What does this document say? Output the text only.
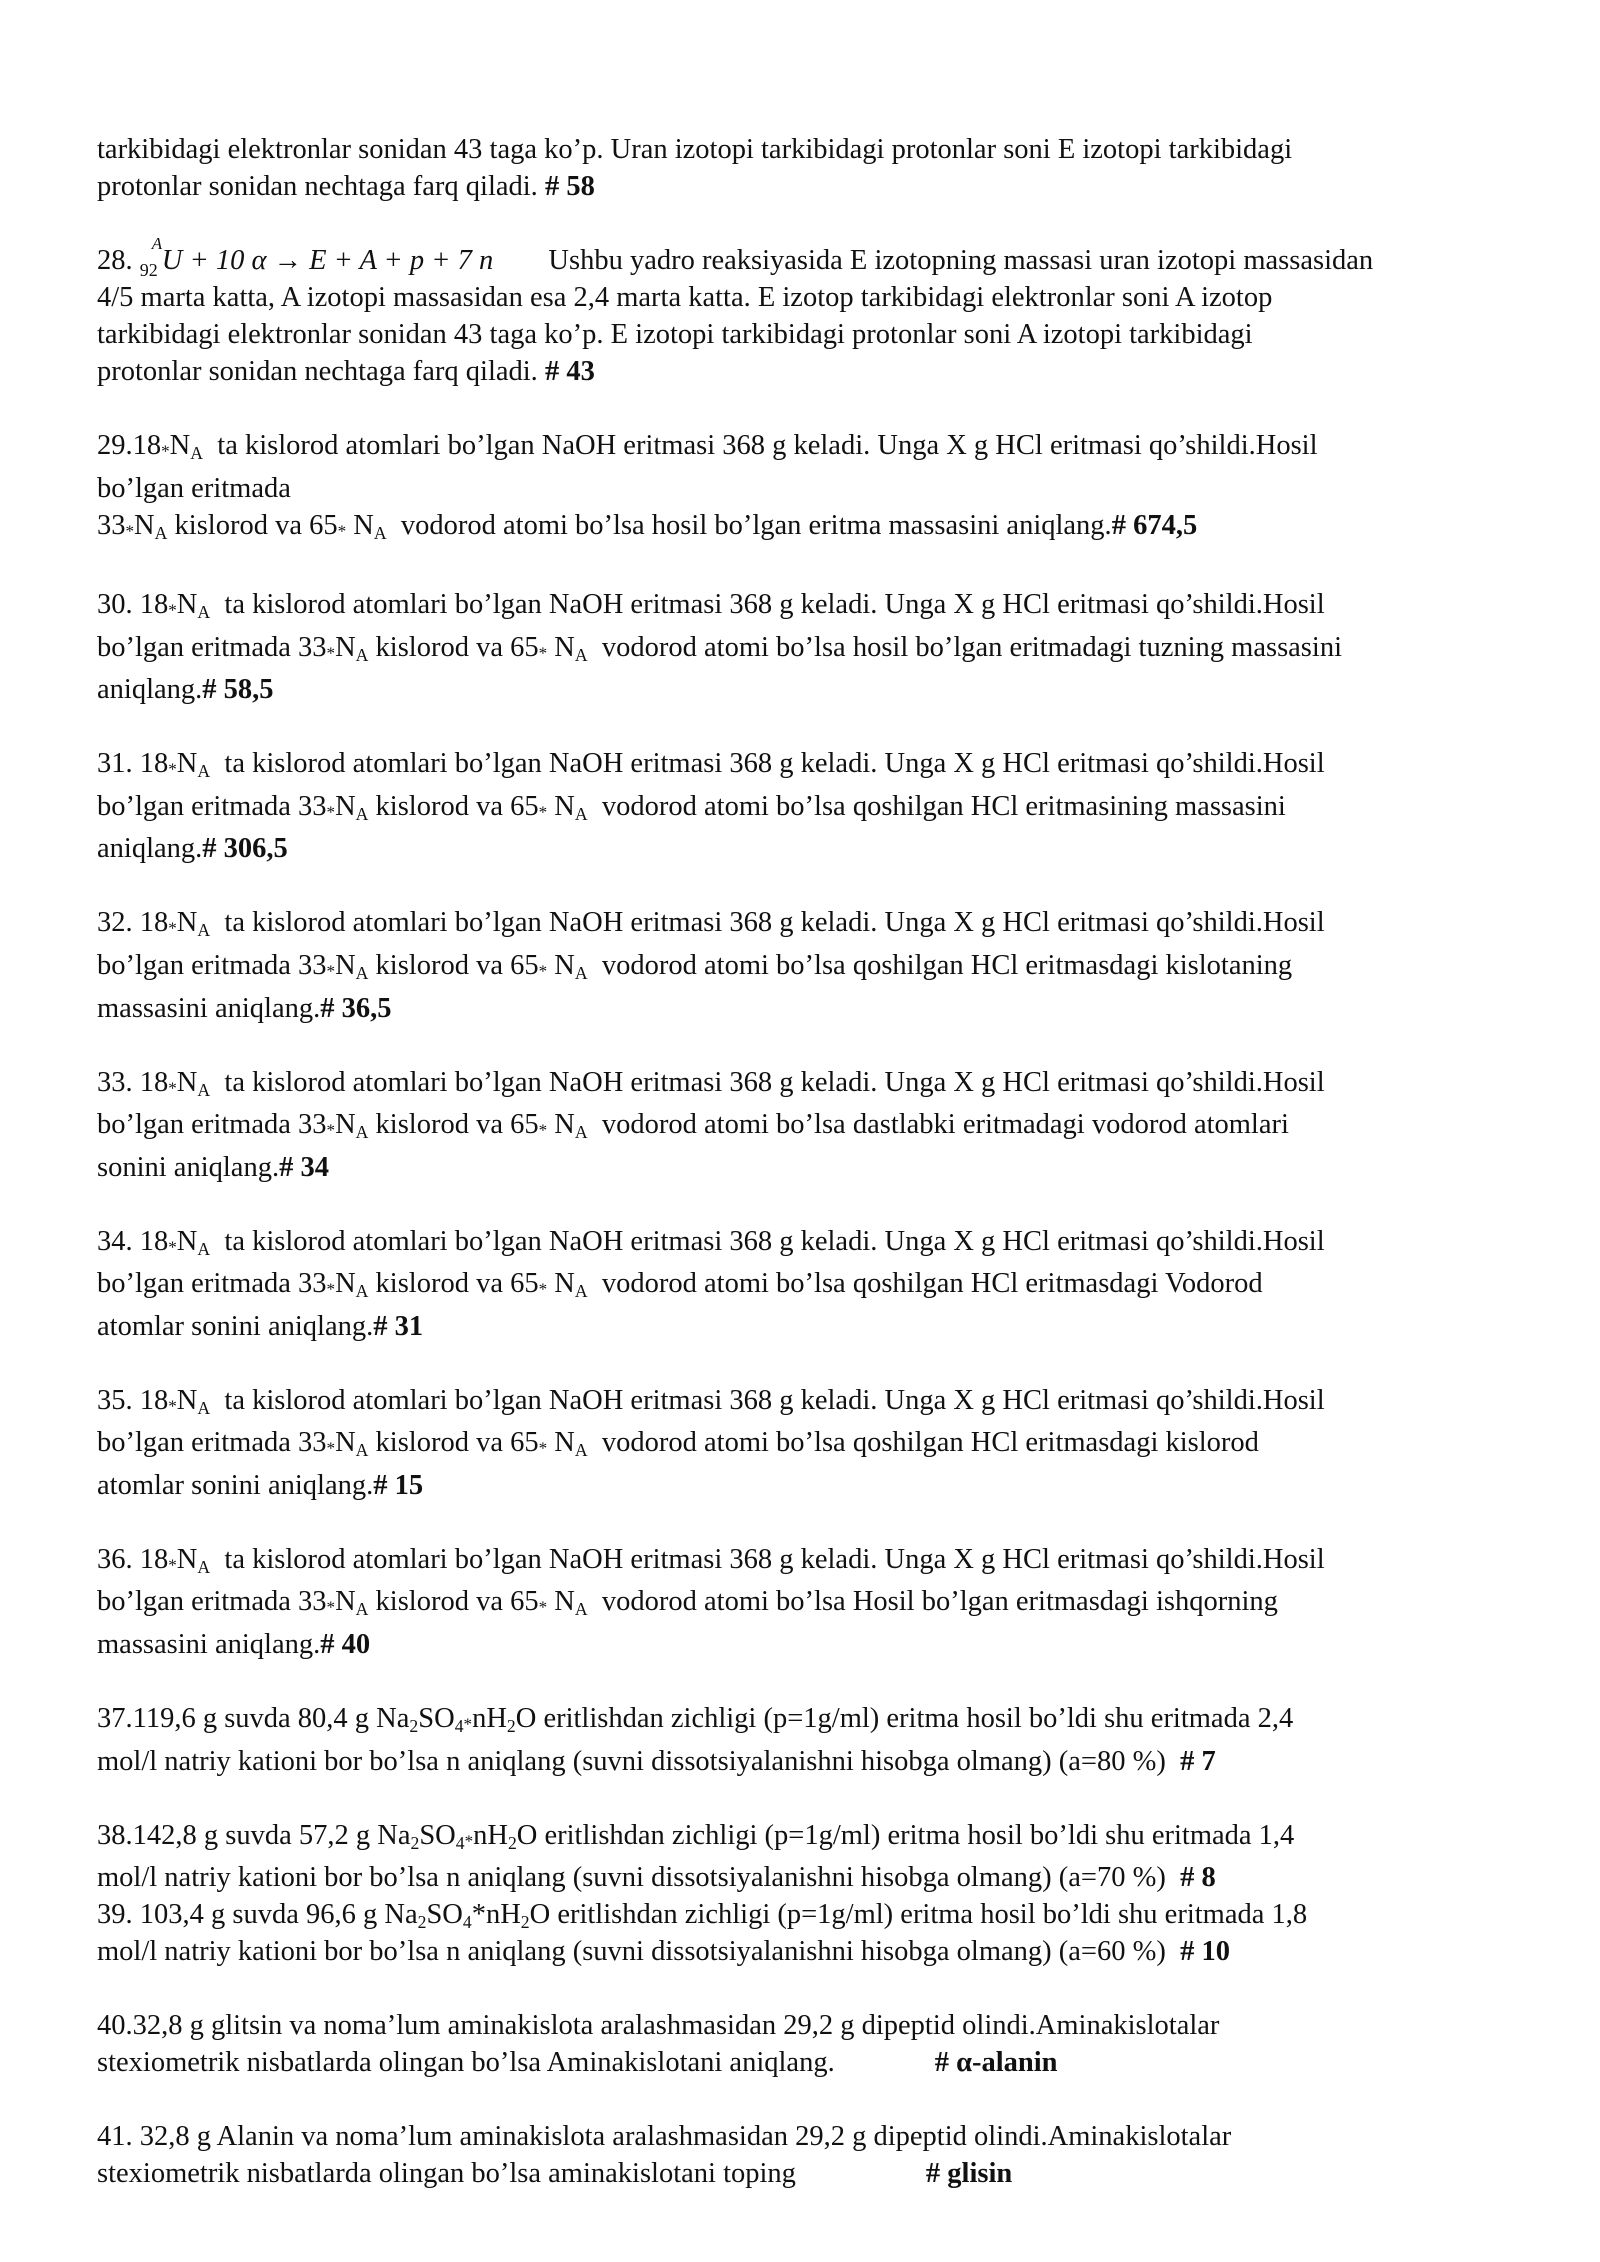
tarkibidagi elektronlar sonidan 43 taga ko’p. Uran izotopi tarkibidagi protonlar soni E izotopi tarkibidagi
protonlar sonidan nechtaga farq qiladi. # 58

28.
A
92 U + 10 α → E + A + p + 7 n Ushbu yadro reaksiyasida E izotopning massasi uran izotopi massasidan
4/5 marta katta, A izotopi massasidan esa 2,4 marta katta. E izotop tarkibidagi elektronlar soni A izotop
tarkibidagi elektronlar sonidan 43 taga ko’p. E izotopi tarkibidagi protonlar soni A izotopi tarkibidagi
protonlar sonidan nechtaga farq qiladi. # 43

$29.18*N_A$ ta kislorod atomlari bo’lgan NaOH eritmasi 368 g keladi. Unga X g HCl eritmasi qo’shildi.Hosil
bo’lgan eritmada
$33*N_A$ kislorod va 65* $N_A$ vodorod atomi bo’lsa hosil bo’lgan eritma massasini aniqlang.# 674,5

30. $18*N_A$ ta kislorod atomlari bo’lgan NaOH eritmasi 368 g keladi. Unga X g HCl eritmasi qo’shildi.Hosil
bo’lgan eritmada $33*N_A$ kislorod va 65* $N_A$ vodorod atomi bo’lsa hosil bo’lgan eritmadagi tuzning massasini
aniqlang.# 58,5

31. $18*N_A$ ta kislorod atomlari bo’lgan NaOH eritmasi 368 g keladi. Unga X g HCl eritmasi qo’shildi.Hosil
bo’lgan eritmada $33*N_A$ kislorod va 65* $N_A$ vodorod atomi bo’lsa qoshilgan HCl eritmasining massasini
aniqlang.# 306,5

32. $18*N_A$ ta kislorod atomlari bo’lgan NaOH eritmasi 368 g keladi. Unga X g HCl eritmasi qo’shildi.Hosil
bo’lgan eritmada $33*N_A$ kislorod va 65* $N_A$ vodorod atomi bo’lsa qoshilgan HCl eritmasdagi kislotaning
massasini aniqlang.# 36,5

33. $18*N_A$ ta kislorod atomlari bo’lgan NaOH eritmasi 368 g keladi. Unga X g HCl eritmasi qo’shildi.Hosil
bo’lgan eritmada $33*N_A$ kislorod va 65* $N_A$ vodorod atomi bo’lsa dastlabki eritmadagi vodorod atomlari
sonini aniqlang.# 34

34. $18*N_A$ ta kislorod atomlari bo’lgan NaOH eritmasi 368 g keladi. Unga X g HCl eritmasi qo’shildi.Hosil
bo’lgan eritmada $33*N_A$ kislorod va 65* $N_A$ vodorod atomi bo’lsa qoshilgan HCl eritmasdagi Vodorod
atomlar sonini aniqlang.# 31

35. $18*N_A$ ta kislorod atomlari bo’lgan NaOH eritmasi 368 g keladi. Unga X g HCl eritmasi qo’shildi.Hosil
bo’lgan eritmada $33*N_A$ kislorod va 65* $N_A$ vodorod atomi bo’lsa qoshilgan HCl eritmasdagi kislorod
atomlar sonini aniqlang.# 15

36. $18*N_A$ ta kislorod atomlari bo’lgan NaOH eritmasi 368 g keladi. Unga X g HCl eritmasi qo’shildi.Hosil
bo’lgan eritmada $33*N_A$ kislorod va 65* $N_A$ vodorod atomi bo’lsa Hosil bo’lgan eritmasdagi ishqorning
massasini aniqlang.# 40

37.119,6 g suvda 80,4 g $Na_2SO_4*nH_2O$ eritlishdan zichligi (p=1g/ml) eritma hosil bo’ldi shu eritmada 2,4
mol/l natriy kationi bor bo’lsa n aniqlang (suvni dissotsiyalanishni hisobga olmang) (a=80 %) # 7

38.142,8 g suvda 57,2 g $Na_2SO_4*nH_2O$ eritlishdan zichligi (p=1g/ml) eritma hosil bo’ldi shu eritmada 1,4
mol/l natriy kationi bor bo’lsa n aniqlang (suvni dissotsiyalanishni hisobga olmang) (a=70 %) # 8

39. 103,4 g suvda 96,6 g $Na_2SO_4*nH_2O$ eritlishdan zichligi (p=1g/ml) eritma hosil bo’ldi shu eritmada 1,8
mol/l natriy kationi bor bo’lsa n aniqlang (suvni dissotsiyalanishni hisobga olmang) (a=60 %) # 10

40.32,8 g glitsin va noma’lum aminakislota aralashmasidan 29,2 g dipeptid olindi.Aminakislotalar
stexiometrik nisbatlarda olingan bo’lsa Aminakislotani aniqlang.	# α-alanin

41. 32,8 g Alanin va noma’lum aminakislota aralashmasidan 29,2 g dipeptid olindi.Aminakislotalar
stexiometrik nisbatlarda olingan bo’lsa aminakislotani toping	# glisin
